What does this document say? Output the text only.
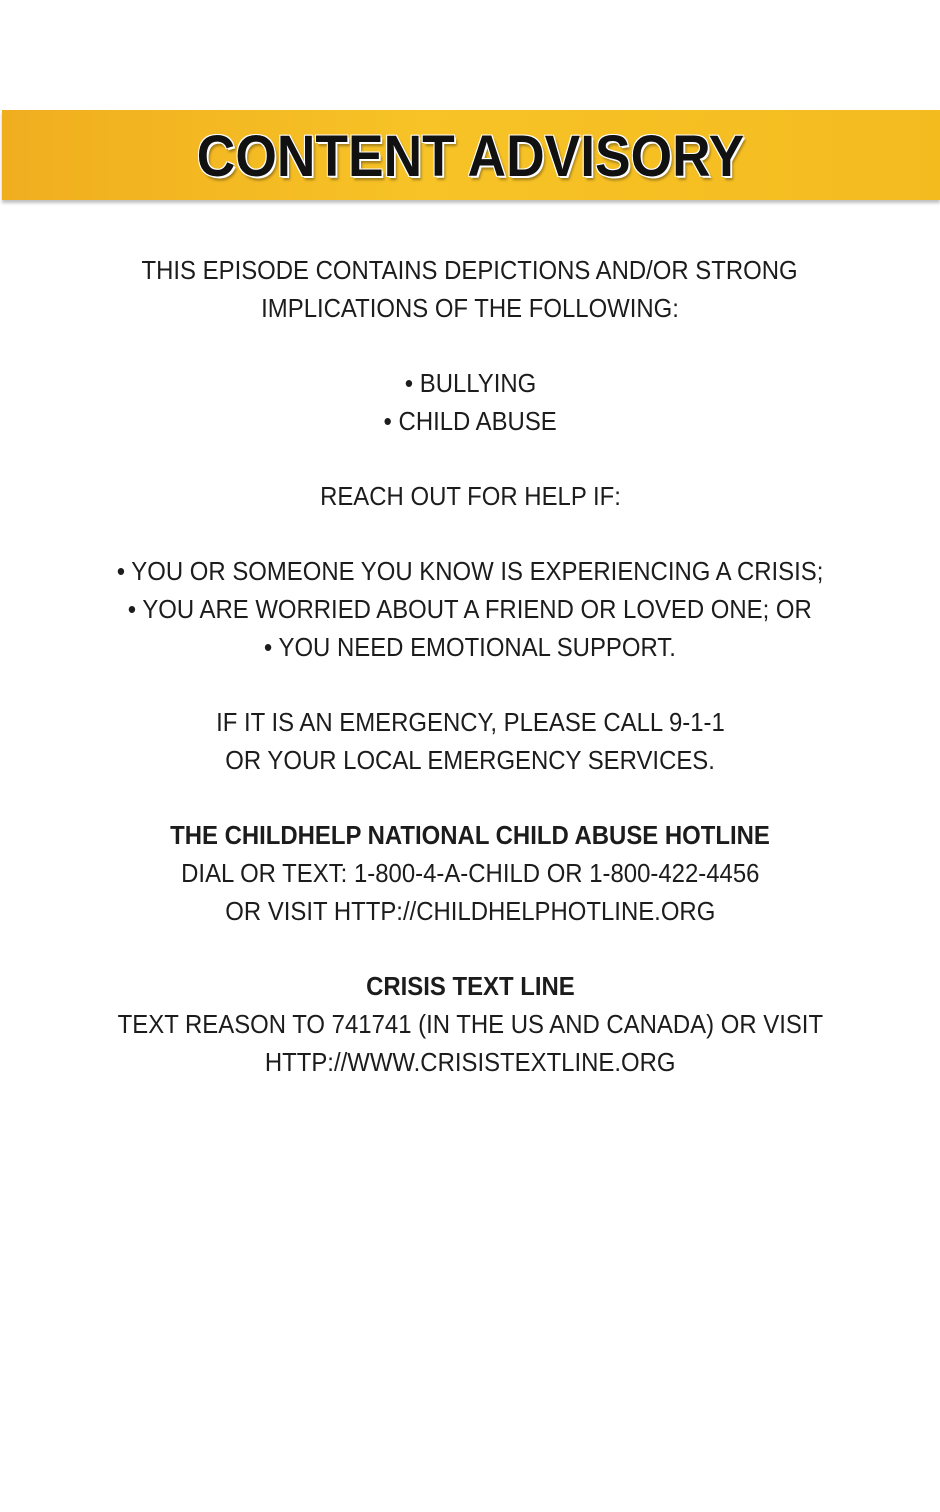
CONTENT ADVISORY

THIS EPISODE CONTAINS DEPICTIONS AND/OR STRONG

IMPLICATIONS OF THE FOLLOWING:

• BULLYING

• CHILD ABUSE

REACH OUT FOR HELP IF:

• YOU OR SOMEONE YOU KNOW IS EXPERIENCING A CRISIS;

• YOU ARE WORRIED ABOUT A FRIEND OR LOVED ONE; OR

• YOU NEED EMOTIONAL SUPPORT.

IF IT IS AN EMERGENCY, PLEASE CALL 9-1-1

OR YOUR LOCAL EMERGENCY SERVICES.

THE CHILDHELP NATIONAL CHILD ABUSE HOTLINE

DIAL OR TEXT: 1-800-4-A-CHILD OR 1-800-422-4456

OR VISIT HTTP://CHILDHELPHOTLINE.ORG

CRISIS TEXT LINE

TEXT REASON TO 741741 (IN THE US AND CANADA) OR VISIT

HTTP://WWW.CRISISTEXTLINE.ORG
